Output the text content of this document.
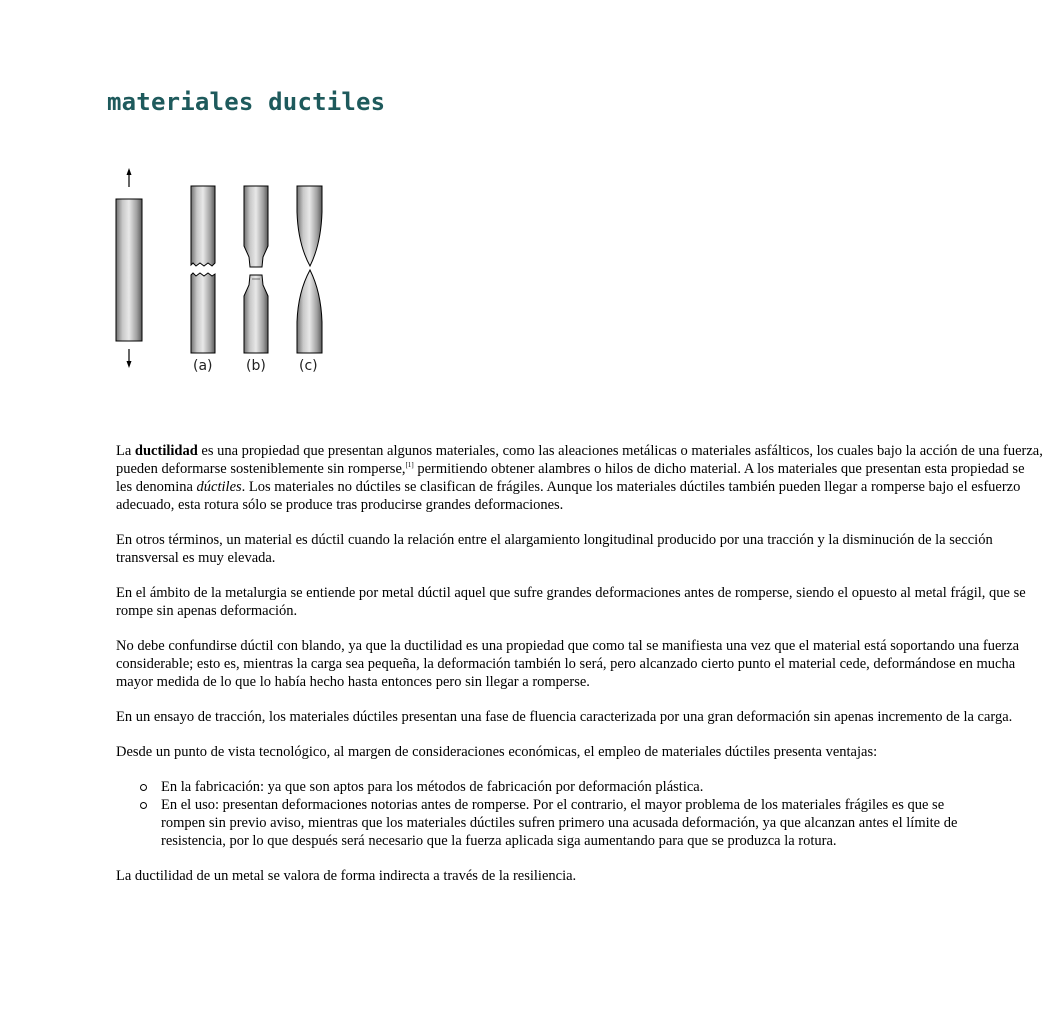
materiales ductiles
(a) (b) (c)

La ductilidad es una propiedad que presentan algunos materiales, como las aleaciones metálicas o materiales asfálticos, los cuales bajo la acción de una fuerza,
pueden deformarse sosteniblemente sin romperse,[1] permitiendo obtener alambres o hilos de dicho material. A los materiales que presentan esta propiedad se
les denomina dúctiles. Los materiales no dúctiles se clasifican de frágiles. Aunque los materiales dúctiles también pueden llegar a romperse bajo el esfuerzo
adecuado, esta rotura sólo se produce tras producirse grandes deformaciones.

En otros términos, un material es dúctil cuando la relación entre el alargamiento longitudinal producido por una tracción y la disminución de la sección
transversal es muy elevada.

En el ámbito de la metalurgia se entiende por metal dúctil aquel que sufre grandes deformaciones antes de romperse, siendo el opuesto al metal frágil, que se
rompe sin apenas deformación.

No debe confundirse dúctil con blando, ya que la ductilidad es una propiedad que como tal se manifiesta una vez que el material está soportando una fuerza
considerable; esto es, mientras la carga sea pequeña, la deformación también lo será, pero alcanzado cierto punto el material cede, deformándose en mucha
mayor medida de lo que lo había hecho hasta entonces pero sin llegar a romperse.

En un ensayo de tracción, los materiales dúctiles presentan una fase de fluencia caracterizada por una gran deformación sin apenas incremento de la carga.

Desde un punto de vista tecnológico, al margen de consideraciones económicas, el empleo de materiales dúctiles presenta ventajas:

En la fabricación: ya que son aptos para los métodos de fabricación por deformación plástica.
En el uso: presentan deformaciones notorias antes de romperse. Por el contrario, el mayor problema de los materiales frágiles es que se
rompen sin previo aviso, mientras que los materiales dúctiles sufren primero una acusada deformación, ya que alcanzan antes el límite de
resistencia, por lo que después será necesario que la fuerza aplicada siga aumentando para que se produzca la rotura.

La ductilidad de un metal se valora de forma indirecta a través de la resiliencia.
